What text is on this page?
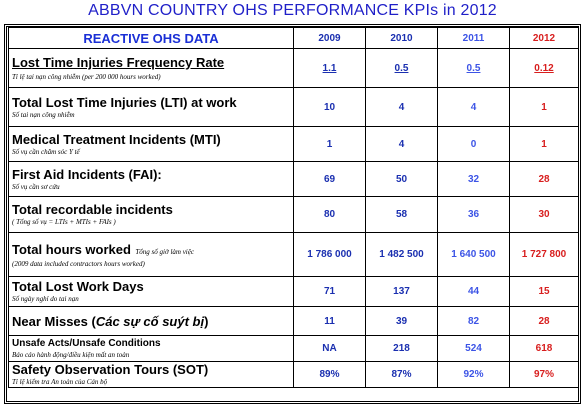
ABBVN COUNTRY OHS PERFORMANCE KPIs in 2012
REACTIVE OHS DATA	2009	2010	2011	2012
Lost Time Injuries Frequency Rate
Tỉ lệ tai nạn công nhiễm (per 200 000 hours worked)	1.1	0.5	0.5	0.12

Total Lost Time Injuries (LTI) at work
Số tai nạn công nhiễm	10	4	4	1

Medical Treatment Incidents (MTI)
Số vụ cần chăm sóc Y tế	1	4	0	1

First Aid Incidents (FAI):
Số vụ cần sơ cứu	69	50	32	28

Total recordable incidents
( Tổng số vụ = LTIs + MTIs + FAIs )	80	58	36	30

Total hours worked Tổng số giờ làm việc
(2009 data included contractors hours worked)	1 786 000	1 482 500	1 640 500	1 727 800

Total Lost Work Days
Số ngày nghỉ do tai nạn	71	137	44	15

Near Misses (Các sự cố suýt bị)	11	39	82	28

Unsafe Acts/Unsafe Conditions
Báo cáo hành động/điều kiện mất an toàn	NA	218	524	618

Safety Observation Tours (SOT)
Tỉ lệ kiểm tra An toàn của Cán bộ	89%	87%	92%	97%
